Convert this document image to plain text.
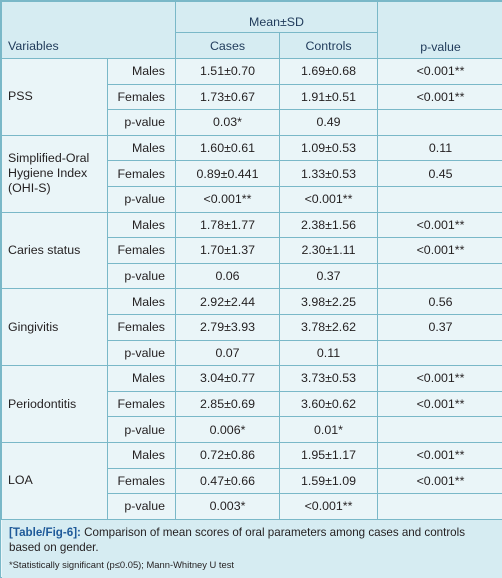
Variables		Mean±SD		p-value
		Cases	Controls	
PSS	Males	1.51±0.70	1.69±0.68	<0.001**
	Females	1.73±0.67	1.91±0.51	<0.001**
	p-value	0.03*	0.49	
Simplified-Oral Hygiene Index (OHI-S)	Males	1.60±0.61	1.09±0.53	0.11
	Females	0.89±0.441	1.33±0.53	0.45
	p-value	<0.001**	<0.001**	
Caries status	Males	1.78±1.77	2.38±1.56	<0.001**
	Females	1.70±1.37	2.30±1.11	<0.001**
	p-value	0.06	0.37	
Gingivitis	Males	2.92±2.44	3.98±2.25	0.56
	Females	2.79±3.93	3.78±2.62	0.37
	p-value	0.07	0.11	
Periodontitis	Males	3.04±0.77	3.73±0.53	<0.001**
	Females	2.85±0.69	3.60±0.62	<0.001**
	p-value	0.006*	0.01*	
LOA	Males	0.72±0.86	1.95±1.17	<0.001**
	Females	0.47±0.66	1.59±1.09	<0.001**
	p-value	0.003*	<0.001**	
[Table/Fig-6]: Comparison of mean scores of oral parameters among cases and controls based on gender.
*Statistically significant (p≤0.05); Mann-Whitney U test
